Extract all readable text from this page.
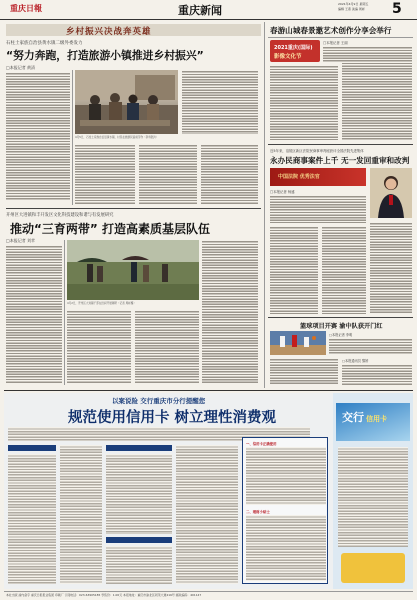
重庆日報	重庆新闻	2021年4月9日 星期五
编辑 王燕 美编 周彬 5
乡村振兴决战奔英雄
石柱土家族自治县黄水镇二级外委发力
“努力奔跑，打造旅游小镇推进乡村振兴”
□本报记者 黄清
4月5日，石柱土家族自治县黄水镇，村民在旅游民宿前劳作（资料图片）
开州区大进镇和丰开发区文化科技建设和谐与有发展研究
推动“三育两带” 打造高素质基层队伍
□本报记者 刘苹
4月2日，开州区大进镇干部在田间开展调研（记者 周彬摄）
春游山城春景邀艺术创作分享会举行
2021重庆(国际)
影像文化节
□本报记者 王丽
近5年来，涪陵区新区法院民商事审判庭获评全国法院先进集体
永办民商事案件上千 无一发回重审和改判
中国法院 优秀法官
□本报记者 杨盛
篮球项目开赛 渝中队获开门红
□本报记者 李明
□本报通讯员 黎婷
以案说险 交行重庆市分行提醒您
规范使用信用卡 树立理性消费观
一、信用卡正确使用
二、理财小贴士
交行 信用卡
本社出版 渝内备字 重庆日报报业集团 印刷厂 订阅电话：023-63905185 零售价：1.00元 本报地址：重庆市渝北区同茂大道416号 邮政编码：401147
